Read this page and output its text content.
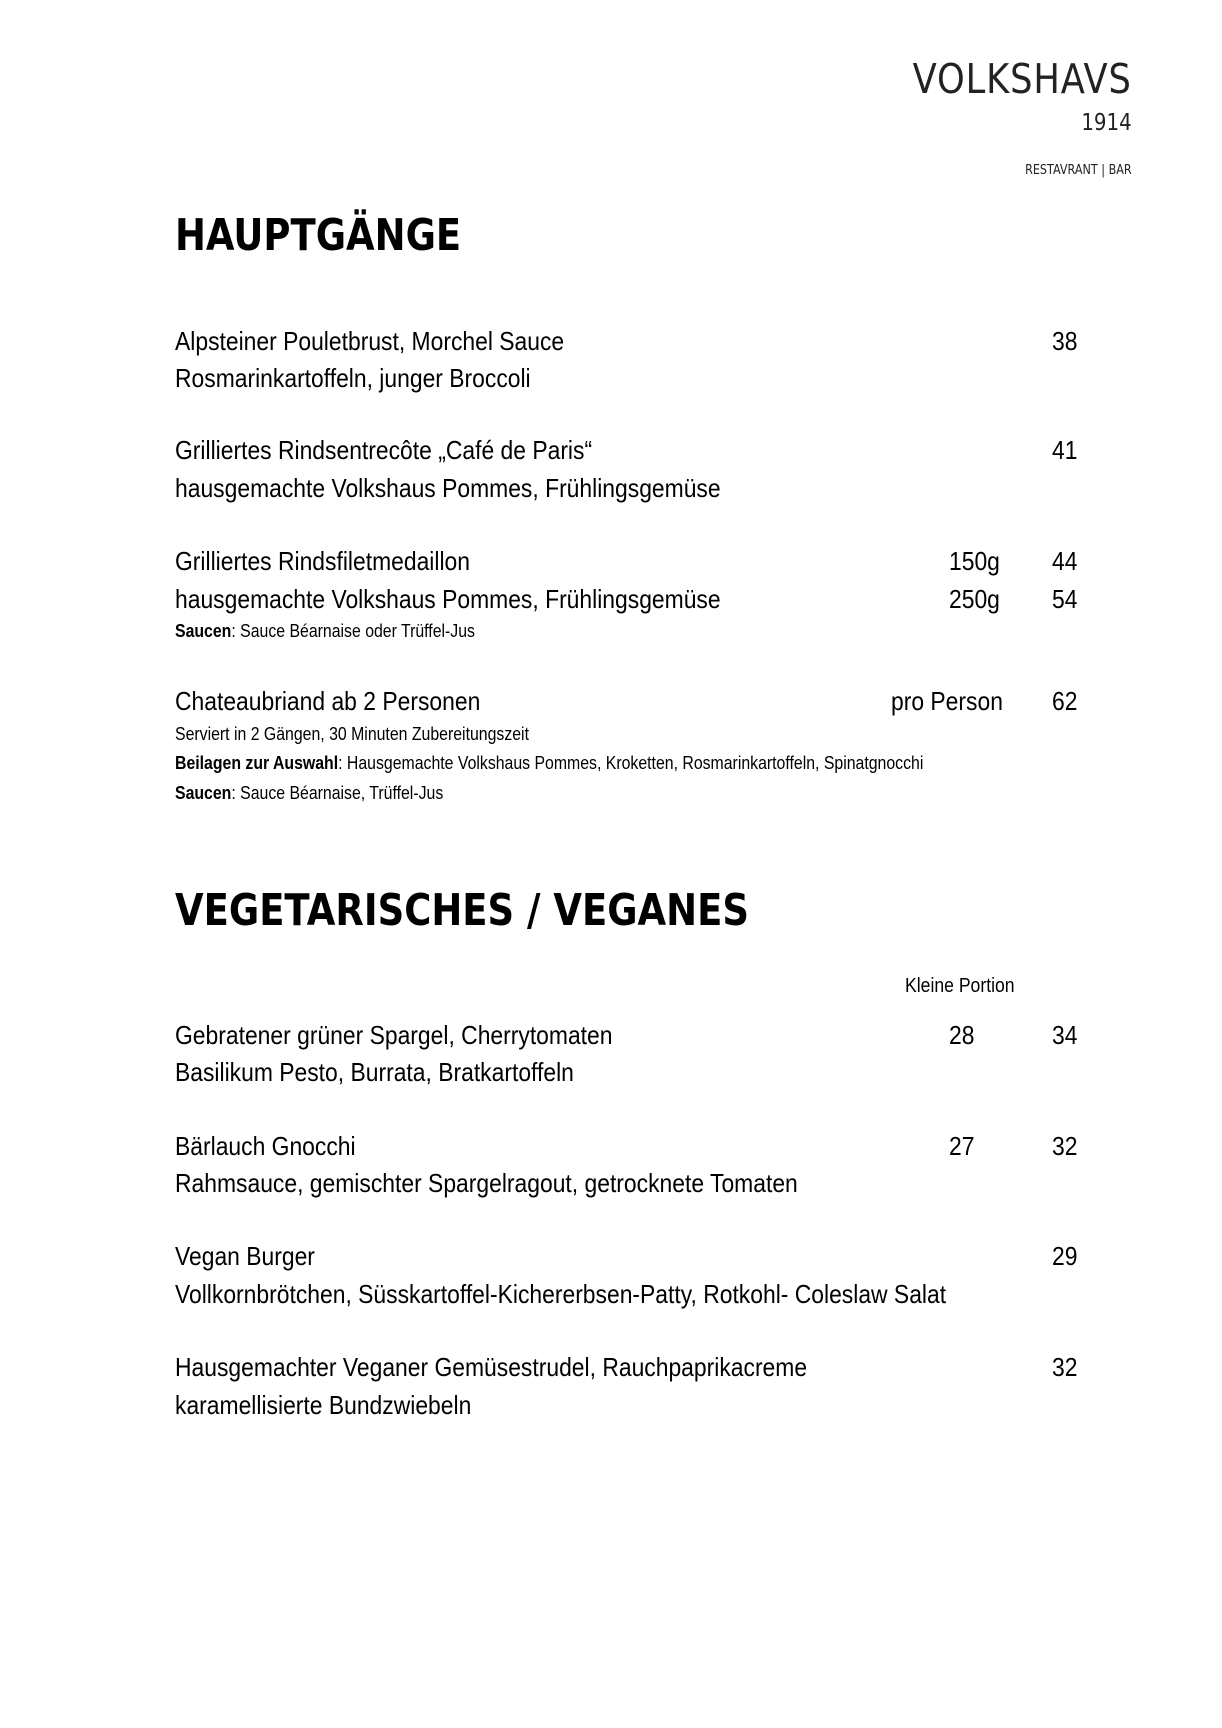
VOLKSHAVS
1914
RESTAVRANT | BAR
HAUPTGÄNGE
Alpsteiner Pouletbrust, Morchel Sauce	38
Rosmarinkartoffeln, junger Broccoli
Grilliertes Rindsentrecôte „Café de Paris“	41
hausgemachte Volkshaus Pommes, Frühlingsgemüse
Grilliertes Rindsfiletmedaillon	150g 44
hausgemachte Volkshaus Pommes, Frühlingsgemüse	250g 54
Saucen: Sauce Béarnaise oder Trüffel-Jus
Chateaubriand ab 2 Personen	pro Person 62
Serviert in 2 Gängen, 30 Minuten Zubereitungszeit
Beilagen zur Auswahl: Hausgemachte Volkshaus Pommes, Kroketten, Rosmarinkartoffeln, Spinatgnocchi
Saucen: Sauce Béarnaise, Trüffel-Jus
VEGETARISCHES / VEGANES
Kleine Portion
Gebratener grüner Spargel, Cherrytomaten	28	34
Basilikum Pesto, Burrata, Bratkartoffeln
Bärlauch Gnocchi	27	32
Rahmsauce, gemischter Spargelragout, getrocknete Tomaten
Vegan Burger	29
Vollkornbrötchen, Süsskartoffel-Kichererbsen-Patty, Rotkohl- Coleslaw Salat
Hausgemachter Veganer Gemüsestrudel, Rauchpaprikacreme	32
karamellisierte Bundzwiebeln
